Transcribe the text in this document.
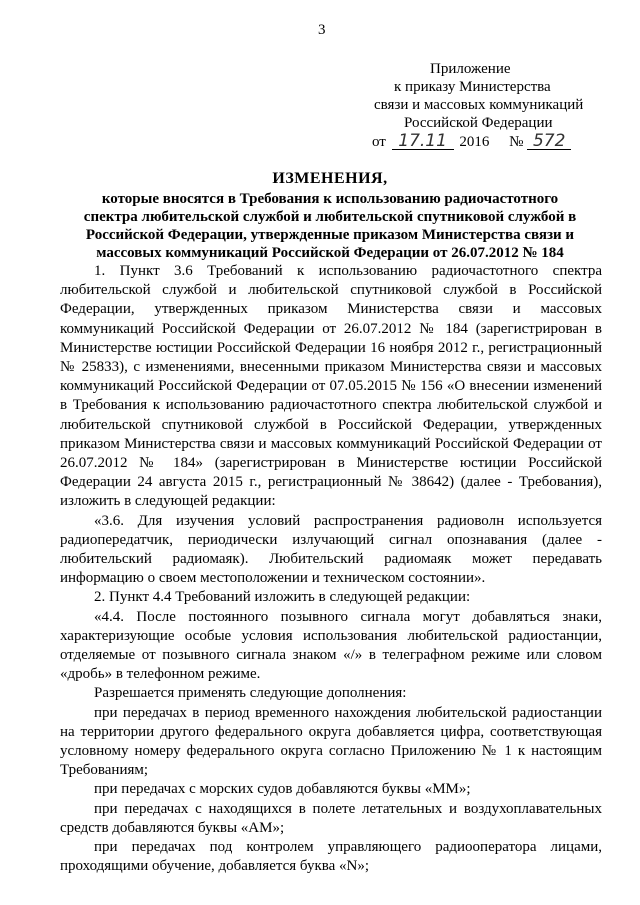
3
Приложение
к приказу Министерства
связи и массовых коммуникаций
Российской Федерации
от 17.11 2016 № 572
ИЗМЕНЕНИЯ,
которые вносятся в Требования к использованию радиочастотного
спектра любительской службой и любительской спутниковой службой в
Российской Федерации, утвержденные приказом Министерства связи и
массовых коммуникаций Российской Федерации от 26.07.2012 № 184

1. Пункт 3.6 Требований к использованию радиочастотного спектра любительской службой и любительской спутниковой службой в Российской Федерации, утвержденных приказом Министерства связи и массовых коммуникаций Российской Федерации от 26.07.2012 № 184 (зарегистрирован в Министерстве юстиции Российской Федерации 16 ноября 2012 г., регистрационный № 25833), с изменениями, внесенными приказом Министерства связи и массовых коммуникаций Российской Федерации от 07.05.2015 № 156 «О внесении изменений в Требования к использованию радиочастотного спектра любительской службой и любительской спутниковой службой в Российской Федерации, утвержденных приказом Министерства связи и массовых коммуникаций Российской Федерации от 26.07.2012 № 184» (зарегистрирован в Министерстве юстиции Российской Федерации 24 августа 2015 г., регистрационный № 38642) (далее - Требования), изложить в следующей редакции:

«3.6. Для изучения условий распространения радиоволн используется радиопередатчик, периодически излучающий сигнал опознавания (далее - любительский радиомаяк). Любительский радиомаяк может передавать информацию о своем местоположении и техническом состоянии».

2. Пункт 4.4 Требований изложить в следующей редакции:

«4.4. После постоянного позывного сигнала могут добавляться знаки, характеризующие особые условия использования любительской радиостанции, отделяемые от позывного сигнала знаком «/» в телеграфном режиме или словом «дробь» в телефонном режиме.

Разрешается применять следующие дополнения:

при передачах в период временного нахождения любительской радиостанции на территории другого федерального округа добавляется цифра, соответствующая условному номеру федерального округа согласно Приложению № 1 к настоящим Требованиям;

при передачах с морских судов добавляются буквы «ММ»;

при передачах с находящихся в полете летательных и воздухоплавательных средств добавляются буквы «АМ»;

при передачах под контролем управляющего радиооператора лицами, проходящими обучение, добавляется буква «N»;
